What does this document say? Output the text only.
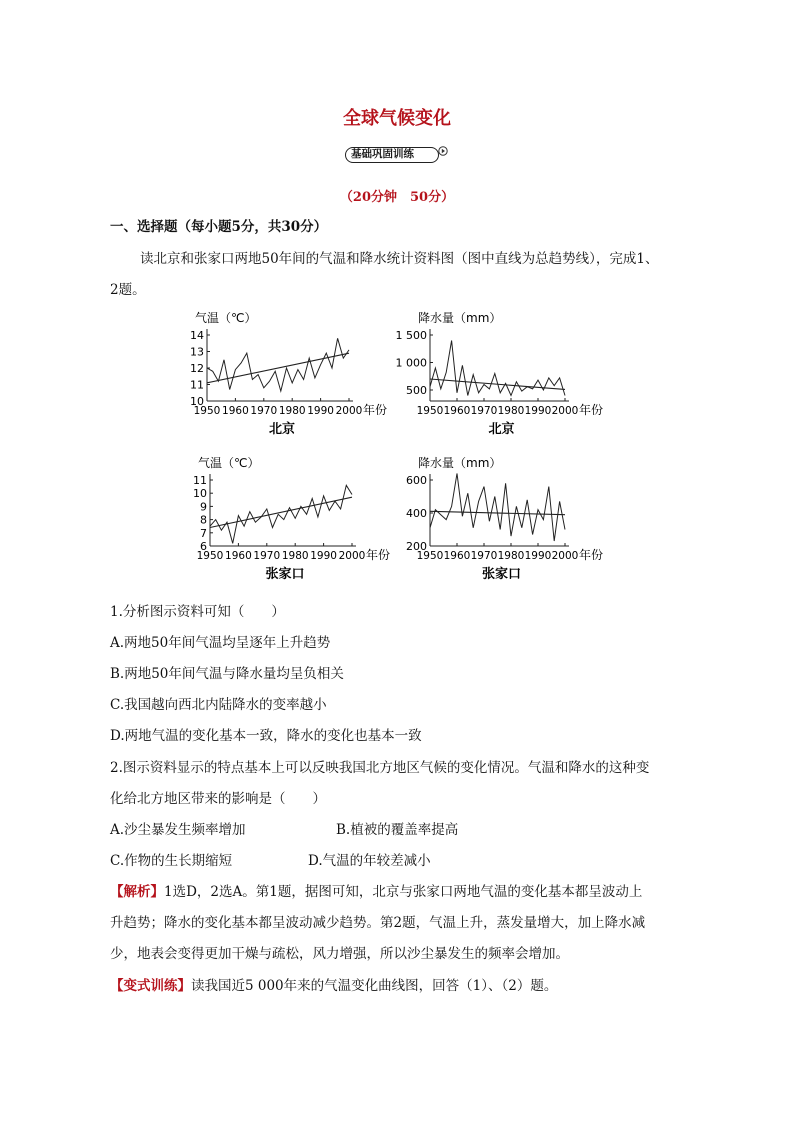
全球气候变化
基础巩固训练
（20分钟　50分）
一、选择题（每小题5分，共30分）
读北京和张家口两地50年间的气温和降水统计资料图（图中直线为总趋势线），完成1、
2题。
气温（℃）
10
11
12
13
14
1950 1960 1970 1980 1990 2000 年份
北京
降水量（mm）
500
1 000
1 500
1950 1960 1970 1980 1990 2000 年份
北京
气温（℃）
6
7
8
9
10
11
1950 1960 1970 1980 1990 2000 年份
张家口
降水量（mm）
200
400
600
1950 1960 1970 1980 1990 2000 年份
张家口
1.分析图示资料可知（　　）
A.两地50年间气温均呈逐年上升趋势
B.两地50年间气温与降水量均呈负相关
C.我国越向西北内陆降水的变率越小
D.两地气温的变化基本一致，降水的变化也基本一致
2.图示资料显示的特点基本上可以反映我国北方地区气候的变化情况。气温和降水的这种变
化给北方地区带来的影响是（　　）
A.沙尘暴发生频率增加	B.植被的覆盖率提高
C.作物的生长期缩短	D.气温的年较差减小
【解析】1选D，2选A。第1题，据图可知，北京与张家口两地气温的变化基本都呈波动上
升趋势；降水的变化基本都呈波动减少趋势。第2题，气温上升，蒸发量增大，加上降水减
少，地表会变得更加干燥与疏松，风力增强，所以沙尘暴发生的频率会增加。
【变式训练】读我国近5 000年来的气温变化曲线图，回答（1）、（2）题。
